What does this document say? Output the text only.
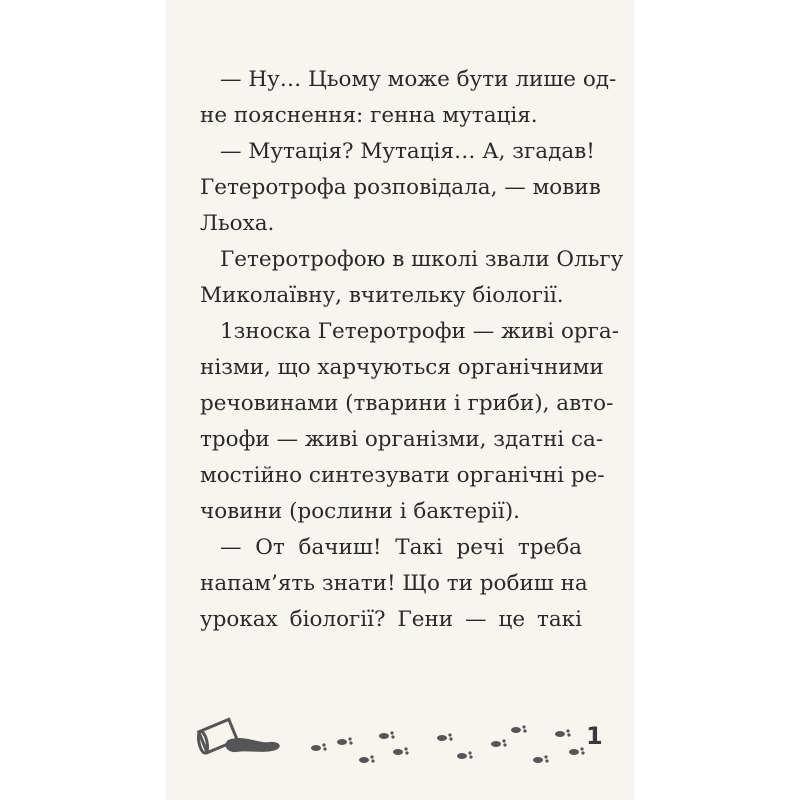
— Ну… Цьому може бути лише од-
не пояснення: генна мутація.
— Мутація? Мутація… А, згадав!
Гетеротрофа розповідала, — мовив
Льоха.
Гетеротрофою в школі звали Ольгу
Миколаївну, вчительку біології.
1зноска Гетеротрофи — живі орга-
нізми, що харчуються органічними
речовинами (тварини і гриби), авто-
трофи — живі організми, здатні са-
мостійно синтезувати органічні ре-
човини (рослини і бактерії).
— От бачиш! Такі речі треба
напам’ять знати! Що ти робиш на
уроках біології? Гени — це такі
1
